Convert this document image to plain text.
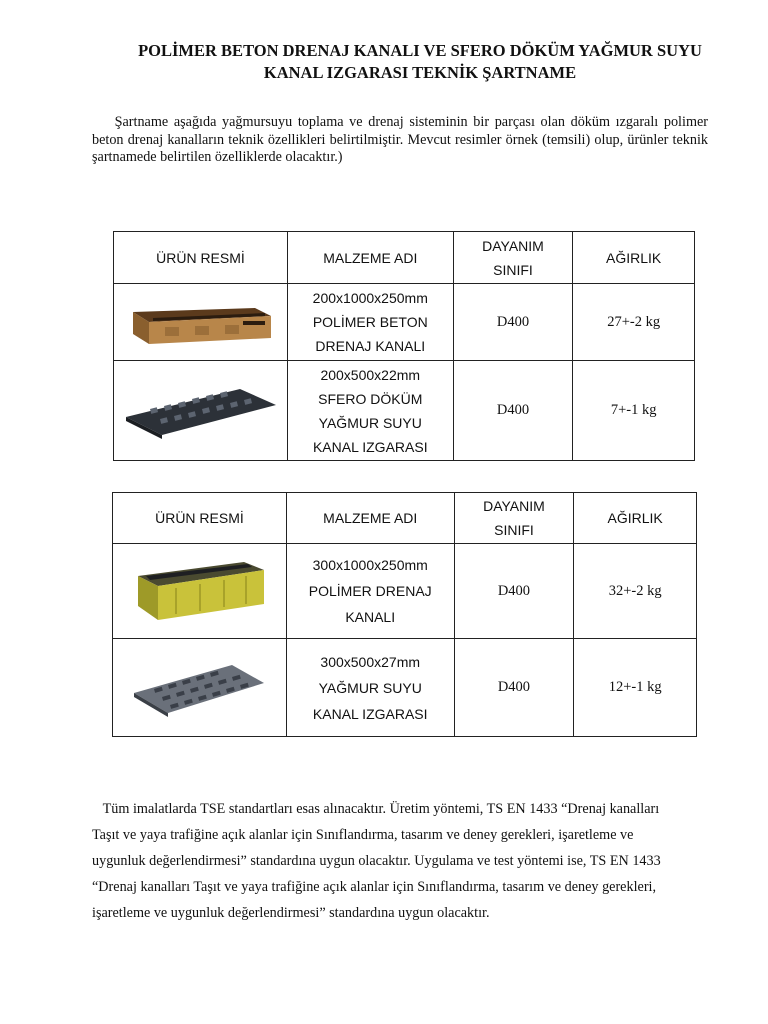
POLİMER BETON DRENAJ KANALI VE SFERO DÖKÜM YAĞMUR SUYU
KANAL IZGARASI TEKNİK ŞARTNAME
Şartname aşağıda yağmursuyu toplama ve drenaj sisteminin bir parçası olan döküm ızgaralı polimer beton drenaj kanalların teknik özellikleri belirtilmiştir. Mevcut resimler örnek (temsili) olup, ürünler teknik şartnamede belirtilen özelliklerde olacaktır.)
ÜRÜN RESMİ	MALZEME ADI	DAYANIM
SINIFI	AĞIRLIK

200x1000x250mm
POLİMER BETON
DRENAJ KANALI	D400	27+-2 kg

200x500x22mm
SFERO DÖKÜM
YAĞMUR SUYU
KANAL IZGARASI	D400	7+-1 kg
ÜRÜN RESMİ	MALZEME ADI	DAYANIM
SINIFI	AĞIRLIK

300x1000x250mm
POLİMER DRENAJ
KANALI	D400	32+-2 kg

300x500x27mm
YAĞMUR SUYU
KANAL IZGARASI	D400	12+-1 kg
Tüm imalatlarda TSE standartları esas alınacaktır. Üretim yöntemi, TS EN 1433 “Drenaj kanalları
Taşıt ve yaya trafiğine açık alanlar için Sınıflandırma, tasarım ve deney gerekleri, işaretleme ve
uygunluk değerlendirmesi” standardına uygun olacaktır. Uygulama ve test yöntemi ise, TS EN 1433
“Drenaj kanalları Taşıt ve yaya trafiğine açık alanlar için Sınıflandırma, tasarım ve deney gerekleri,
işaretleme ve uygunluk değerlendirmesi” standardına uygun olacaktır.
